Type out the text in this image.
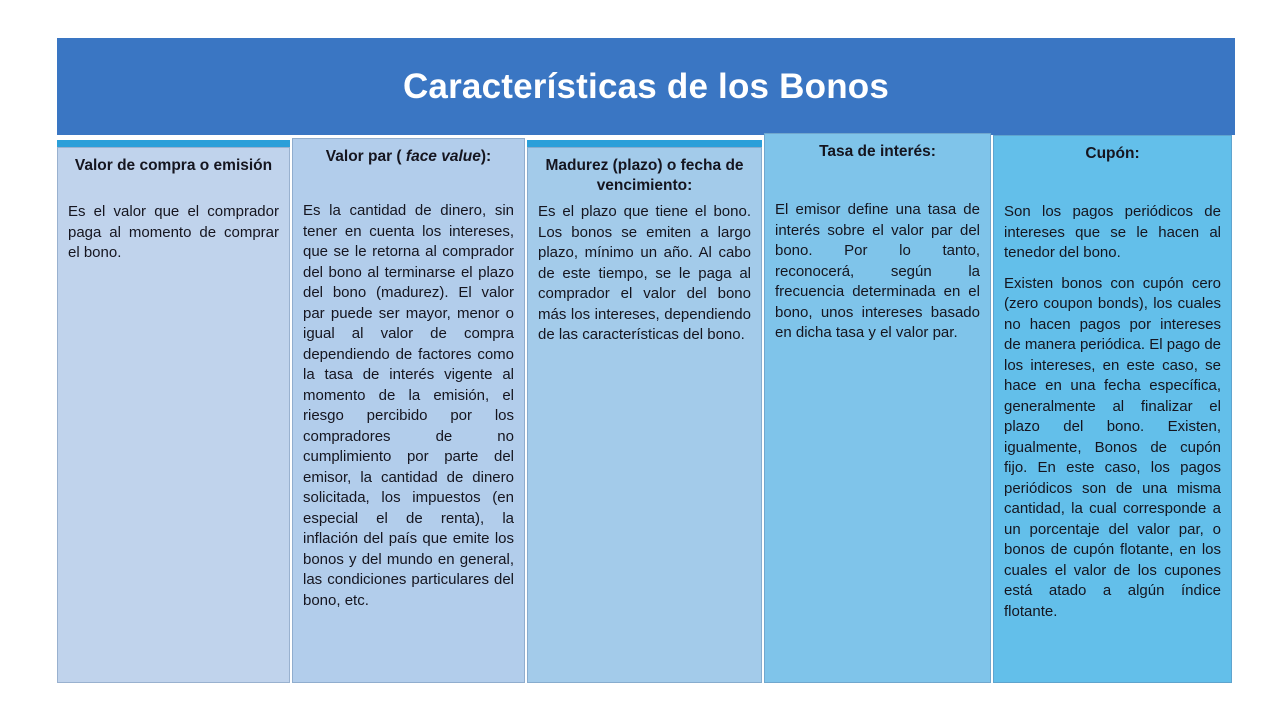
Características de los Bonos
Valor de compra o emisión

Es el valor que el comprador paga al momento de comprar el bono.

Valor par ( face value):

Es la cantidad de dinero, sin tener en cuenta los intereses, que se le retorna al comprador del bono al terminarse el plazo del bono (madurez). El valor par puede ser mayor, menor o igual al valor de compra dependiendo de factores como la tasa de interés vigente al momento de la emisión, el riesgo percibido por los compradores de no cumplimiento por parte del emisor, la cantidad de dinero solicitada, los impuestos (en especial el de renta), la inflación del país que emite los bonos y del mundo en general, las condiciones particulares del bono, etc.

Madurez (plazo) o fecha de vencimiento:

Es el plazo que tiene el bono. Los bonos se emiten a largo plazo, mínimo un año. Al cabo de este tiempo, se le paga al comprador el valor del bono más los intereses, dependiendo de las características del bono.

Tasa de interés:

El emisor define una tasa de interés sobre el valor par del bono. Por lo tanto, reconocerá, según la frecuencia determinada en el bono, unos intereses basado en dicha tasa y el valor par.

Cupón:

Son los pagos periódicos de intereses que se le hacen al tenedor del bono.

Existen bonos con cupón cero (zero coupon bonds), los cuales no hacen pagos por intereses de manera periódica. El pago de los intereses, en este caso, se hace en una fecha específica, generalmente al finalizar el plazo del bono. Existen, igualmente, Bonos de cupón fijo. En este caso, los pagos periódicos son de una misma cantidad, la cual corresponde a un porcentaje del valor par, o bonos de cupón flotante, en los cuales el valor de los cupones está atado a algún índice flotante.
